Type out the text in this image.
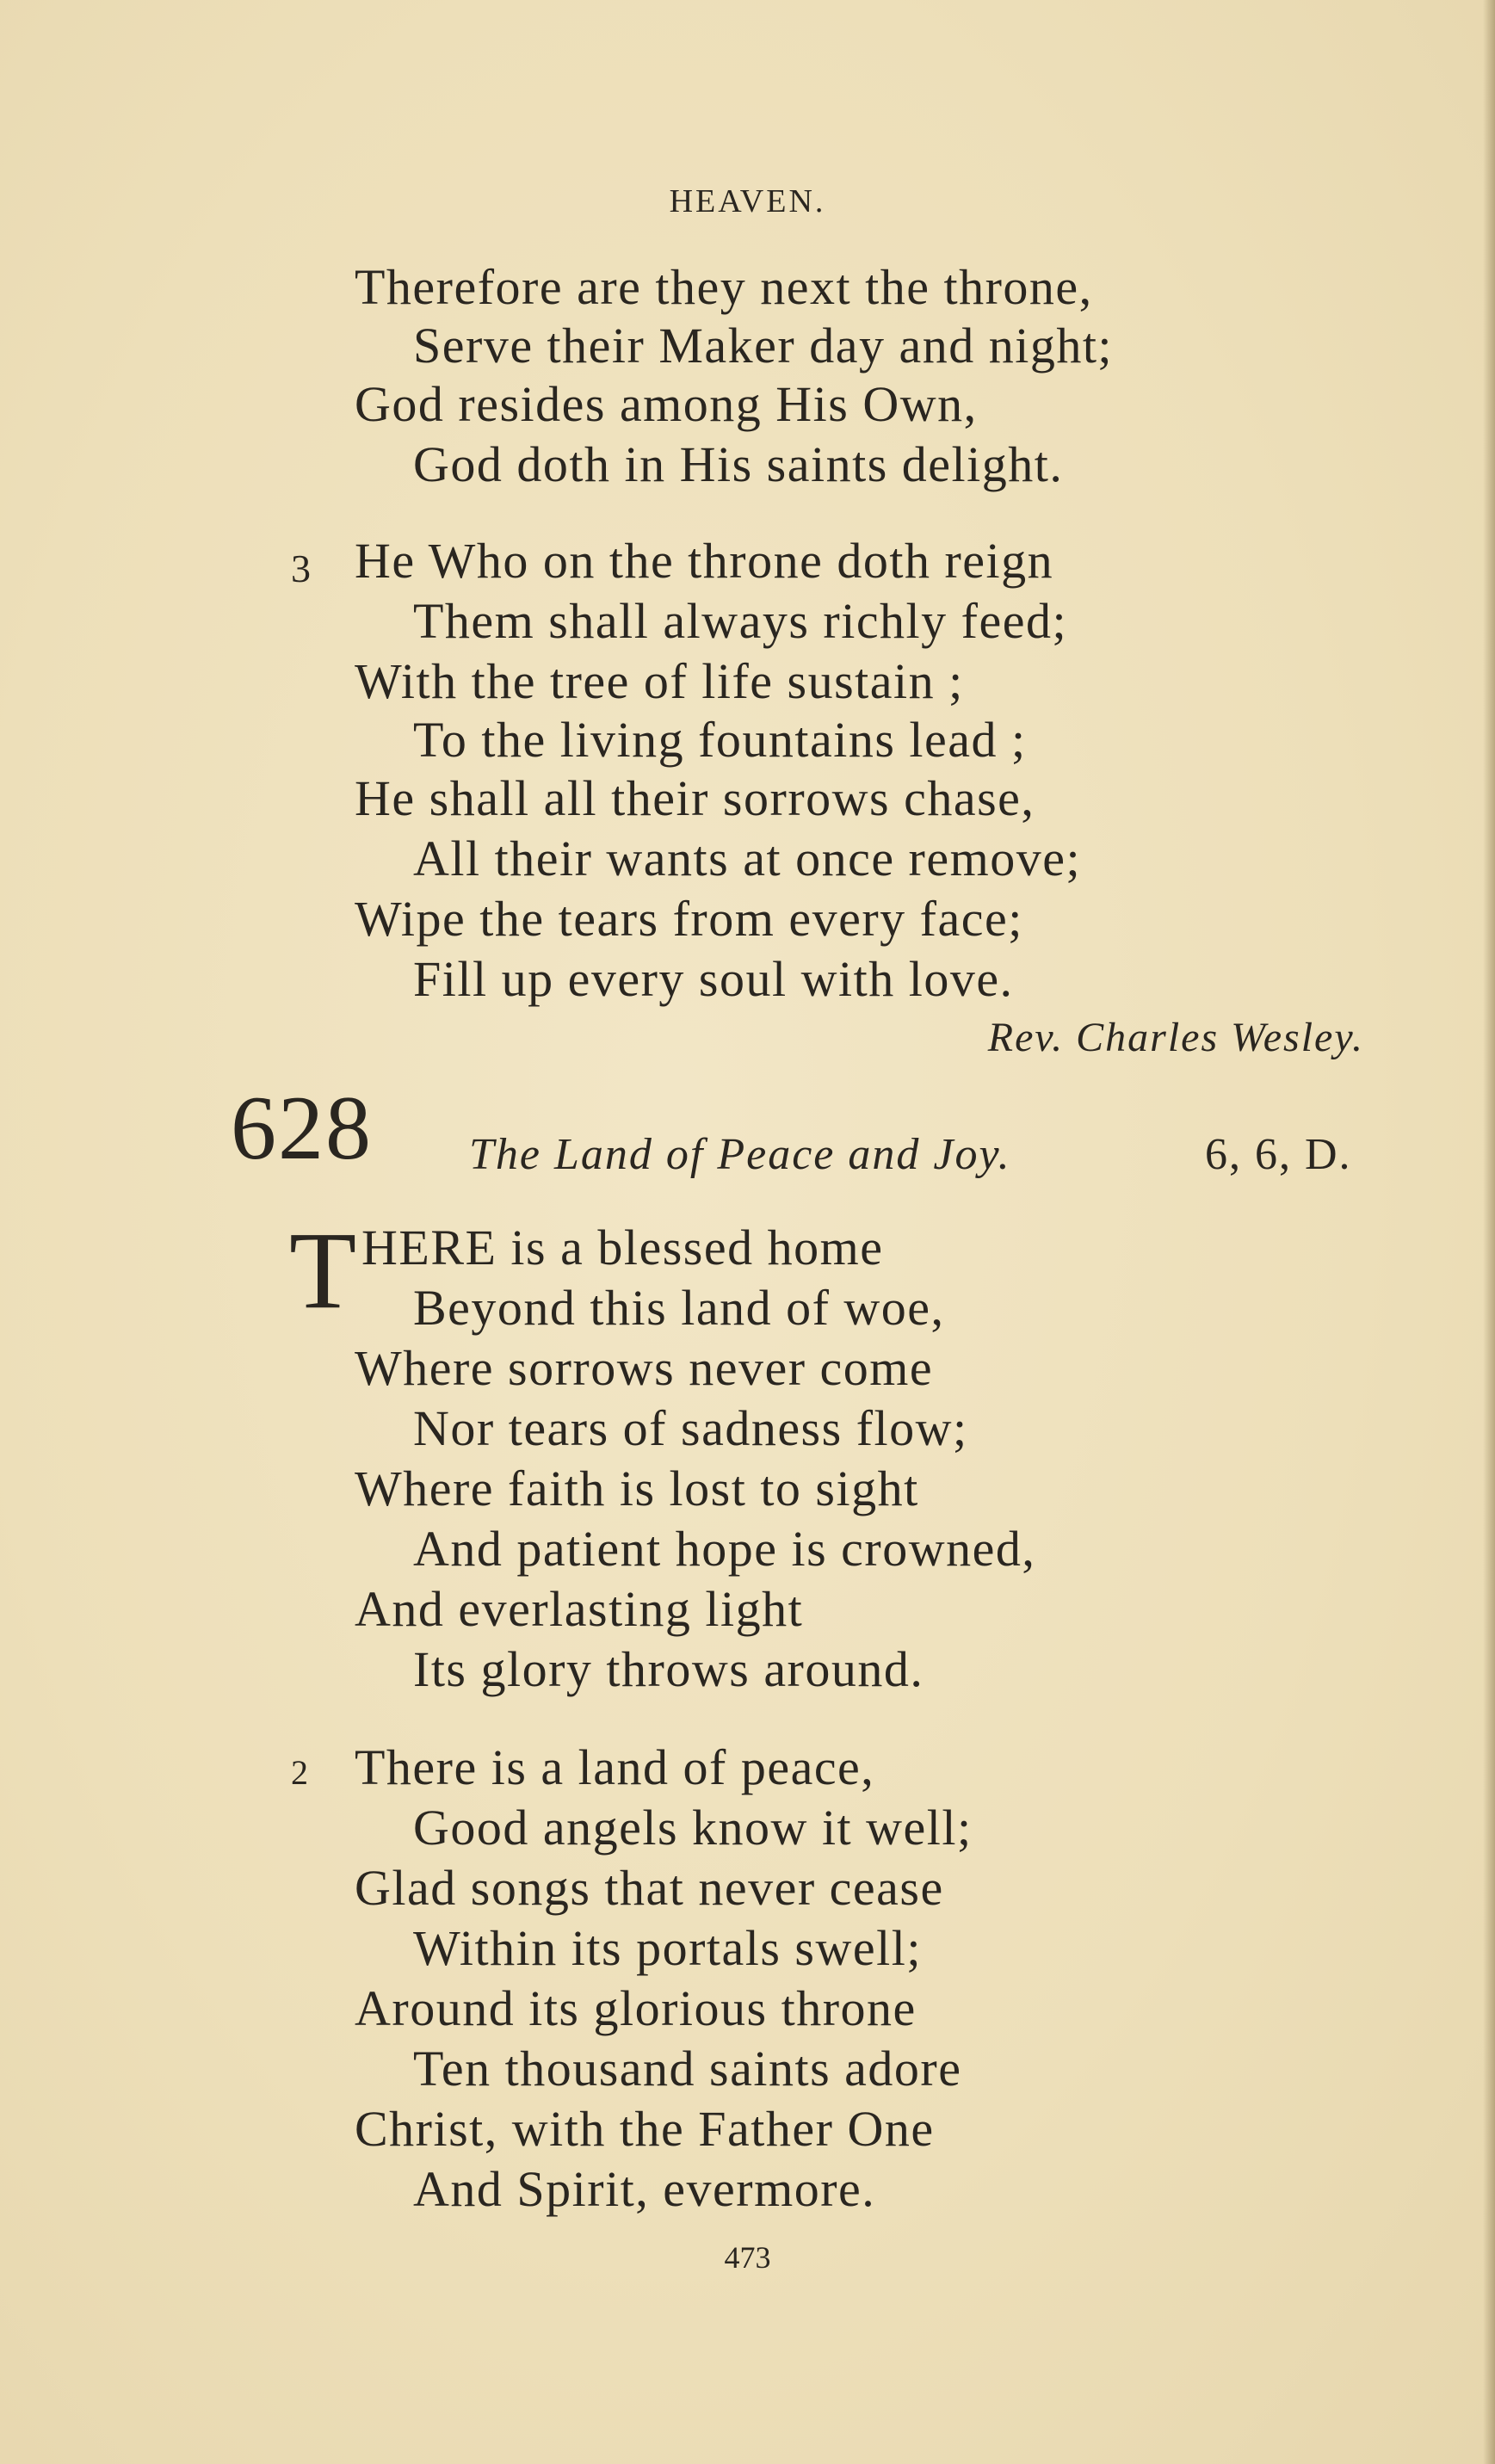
HEAVEN.
Therefore are they next the throne,
Serve their Maker day and night;
God resides among His Own,
God doth in His saints delight.
3 He Who on the throne doth reign
Them shall always richly feed;
With the tree of life sustain ;
To the living fountains lead ;
He shall all their sorrows chase,
All their wants at once remove;
Wipe the tears from every face;
Fill up every soul with love.
Rev. Charles Wesley.
628 The Land of Peace and Joy.	6, 6, D.
T HERE is a blessed home
Beyond this land of woe,
Where sorrows never come
Nor tears of sadness flow;
Where faith is lost to sight
And patient hope is crowned,
And everlasting light
Its glory throws around.
2 There is a land of peace,
Good angels know it well;
Glad songs that never cease
Within its portals swell;
Around its glorious throne
Ten thousand saints adore
Christ, with the Father One
And Spirit, evermore.
473
